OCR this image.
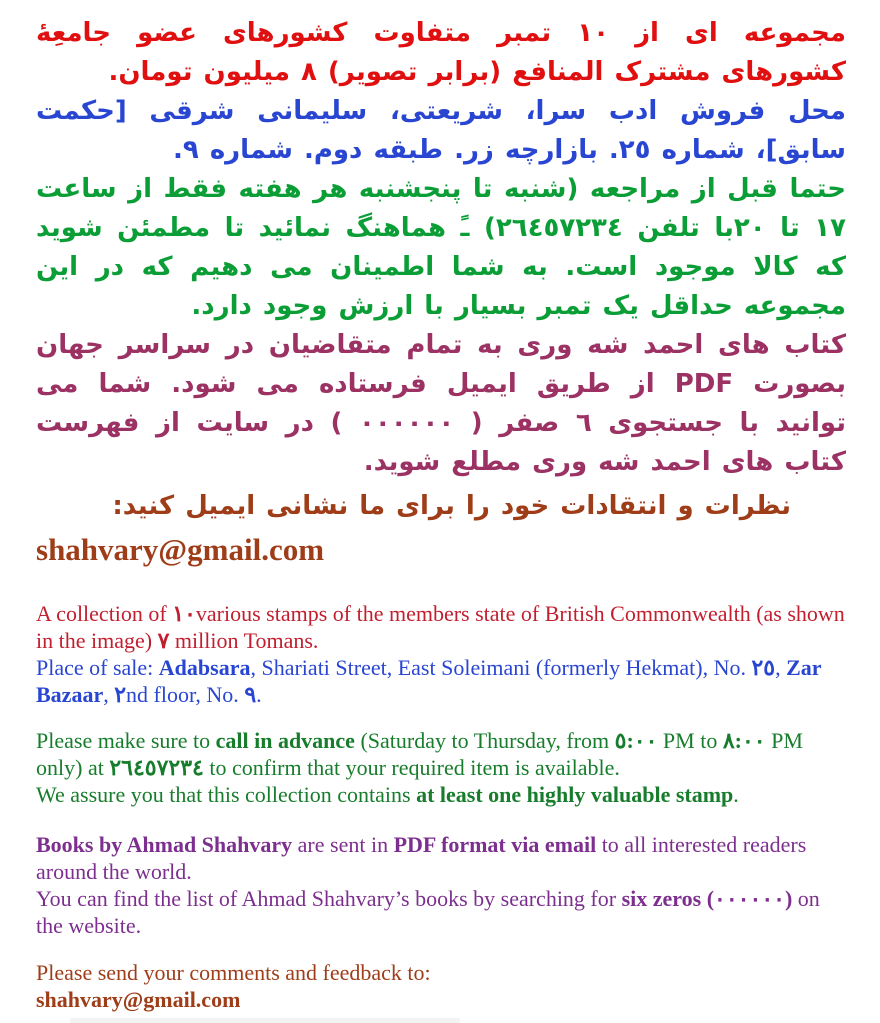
مجموعه ای از ١٠ تمبر متفاوت کشورهای عضو جامعِهٔ کشورهای مشترک المنافع (برابر تصویر) ٨ میلیون تومان.

محل فروش ادب سرا، شریعتی، سلیمانی شرقی [حکمت سابق]، شماره ٢٥. بازارچه زر. طبقه دوم. شماره ٩.

حتما قبل از مراجعه (شنبه تا پنجشنبه هر هفته فقط از ساعت ١٧ تا ٢٠با تلفن ٢٦٤٥٧٢٣٤) ـً هماهنگ نمائید تا مطمئن شوید که کالا موجود است. به شما اطمینان می دهیم که در این مجموعه حداقل یک تمبر بسیار با ارزش وجود دارد.

کتاب های احمد شه وری به تمام متقاضیان در سراسر جهان بصورت PDF از طریق ایمیل فرستاده می شود. شما می توانید با جستجوی ٦ صفر ( ٠٠٠٠٠٠ ) در سایت از فهرست کتاب های احمد شه وری مطلع شوید.

نظرات و انتقادات خود را برای ما نشانی ایمیل کنید:

shahvary@gmail.com

A collection of ١٠various stamps of the members state of British Commonwealth (as shown in the image) ٧ million Tomans.

Place of sale: Adabsara, Shariati Street, East Soleimani (formerly Hekmat), No. ٢٥, Zar Bazaar, ٢nd floor, No. ٩.

Please make sure to call in advance (Saturday to Thursday, from ٥:٠٠ PM to ٨:٠٠ PM only) at ٢٦٤٥٧٢٣٤ to confirm that your required item is available.

We assure you that this collection contains at least one highly valuable stamp.

Books by Ahmad Shahvary are sent in PDF format via email to all interested readers around the world.

You can find the list of Ahmad Shahvary’s books by searching for six zeros (٠٠٠٠٠٠) on the website.

Please send your comments and feedback to:

shahvary@gmail.com
